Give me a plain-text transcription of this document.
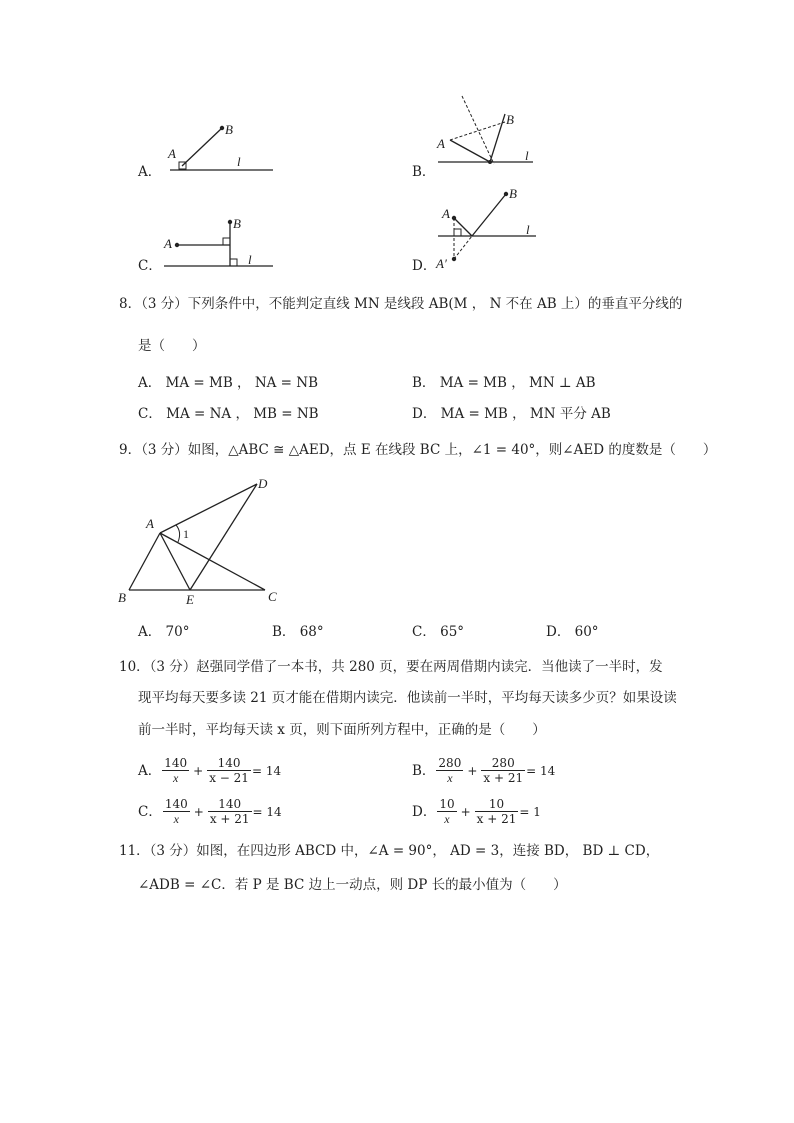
A．
A
B
l
B．
A
B
l
C．
A
B
l	D．
A
B
l
A′
8．（3 分）下列条件中，不能判定直线 MN 是线段 AB(M ， N 不在 AB 上）的垂直平分线的
是（　　）
A． MA = MB ， NA = NB	B． MA = MB ， MN ⊥ AB
C． MA = NA ， MB = NB	D． MA = MB ， MN 平分 AB
9．（3 分）如图，△ABC ≅ △AED，点 E 在线段 BC 上，∠1 = 40°，则∠AED 的度数是（　　）
A
B	C
D
E
1
A． 70°	B． 68°	C． 65°	D． 60°
10．（3 分）赵强同学借了一本书，共 280 页，要在两周借期内读完．当他读了一半时，发
现平均每天要多读 21 页才能在借期内读完．他读前一半时，平均每天读多少页？如果设读
前一半时，平均每天读 x 页，则下面所列方程中，正确的是（　　）
A． $\frac{140}{x} + \frac{140}{x - 21} = 14$	B． $\frac{280}{x} + \frac{280}{x + 21} = 14$
C． $\frac{140}{x} + \frac{140}{x + 21} = 14$	D． $\frac{10}{x} + \frac{10}{x + 21} = 1$
11．（3 分）如图，在四边形 ABCD 中，∠A = 90°， AD = 3，连接 BD， BD ⊥ CD，
∠ADB = ∠C．若 P 是 BC 边上一动点，则 DP 长的最小值为（　　）
